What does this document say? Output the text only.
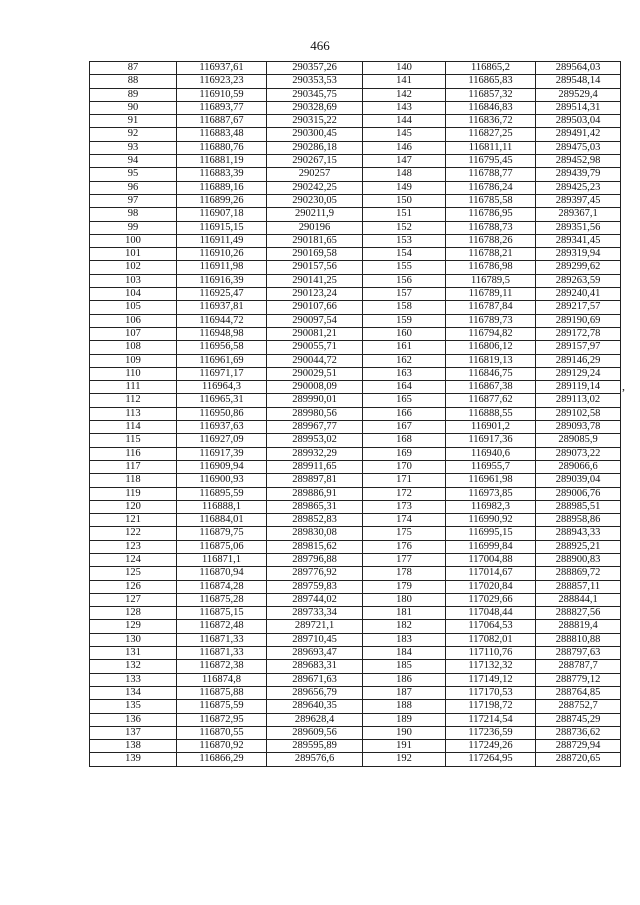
466
87	116937,61	290357,26	140	116865,2	289564,03
88	116923,23	290353,53	141	116865,83	289548,14
89	116910,59	290345,75	142	116857,32	289529,4
90	116893,77	290328,69	143	116846,83	289514,31
91	116887,67	290315,22	144	116836,72	289503,04
92	116883,48	290300,45	145	116827,25	289491,42
93	116880,76	290286,18	146	116811,11	289475,03
94	116881,19	290267,15	147	116795,45	289452,98
95	116883,39	290257	148	116788,77	289439,79
96	116889,16	290242,25	149	116786,24	289425,23
97	116899,26	290230,05	150	116785,58	289397,45
98	116907,18	290211,9	151	116786,95	289367,1
99	116915,15	290196	152	116788,73	289351,56
100	116911,49	290181,65	153	116788,26	289341,45
101	116910,26	290169,58	154	116788,21	289319,94
102	116911,98	290157,56	155	116786,98	289299,62
103	116916,39	290141,25	156	116789,5	289263,59
104	116925,47	290123,24	157	116789,11	289240,41
105	116937,81	290107,66	158	116787,84	289217,57
106	116944,72	290097,54	159	116789,73	289190,69
107	116948,98	290081,21	160	116794,82	289172,78
108	116956,58	290055,71	161	116806,12	289157,97
109	116961,69	290044,72	162	116819,13	289146,29
110	116971,17	290029,51	163	116846,75	289129,24
111	116964,3	290008,09	164	116867,38	289119,14
112	116965,31	289990,01	165	116877,62	289113,02
113	116950,86	289980,56	166	116888,55	289102,58
114	116937,63	289967,77	167	116901,2	289093,78
115	116927,09	289953,02	168	116917,36	289085,9
116	116917,39	289932,29	169	116940,6	289073,22
117	116909,94	289911,65	170	116955,7	289066,6
118	116900,93	289897,81	171	116961,98	289039,04
119	116895,59	289886,91	172	116973,85	289006,76
120	116888,1	289865,31	173	116982,3	288985,51
121	116884,01	289852,83	174	116990,92	288958,86
122	116879,75	289830,08	175	116995,15	288943,33
123	116875,06	289815,62	176	116999,84	288925,21
124	116871,1	289796,88	177	117004,88	288900,83
125	116870,94	289776,92	178	117014,67	288869,72
126	116874,28	289759,83	179	117020,84	288857,11
127	116875,28	289744,02	180	117029,66	288844,1
128	116875,15	289733,34	181	117048,44	288827,56
129	116872,48	289721,1	182	117064,53	288819,4
130	116871,33	289710,45	183	117082,01	288810,88
131	116871,33	289693,47	184	117110,76	288797,63
132	116872,38	289683,31	185	117132,32	288787,7
133	116874,8	289671,63	186	117149,12	288779,12
134	116875,88	289656,79	187	117170,53	288764,85
135	116875,59	289640,35	188	117198,72	288752,7
136	116872,95	289628,4	189	117214,54	288745,29
137	116870,55	289609,56	190	117236,59	288736,62
138	116870,92	289595,89	191	117249,26	288729,94
139	116866,29	289576,6	192	117264,95	288720,65
,
